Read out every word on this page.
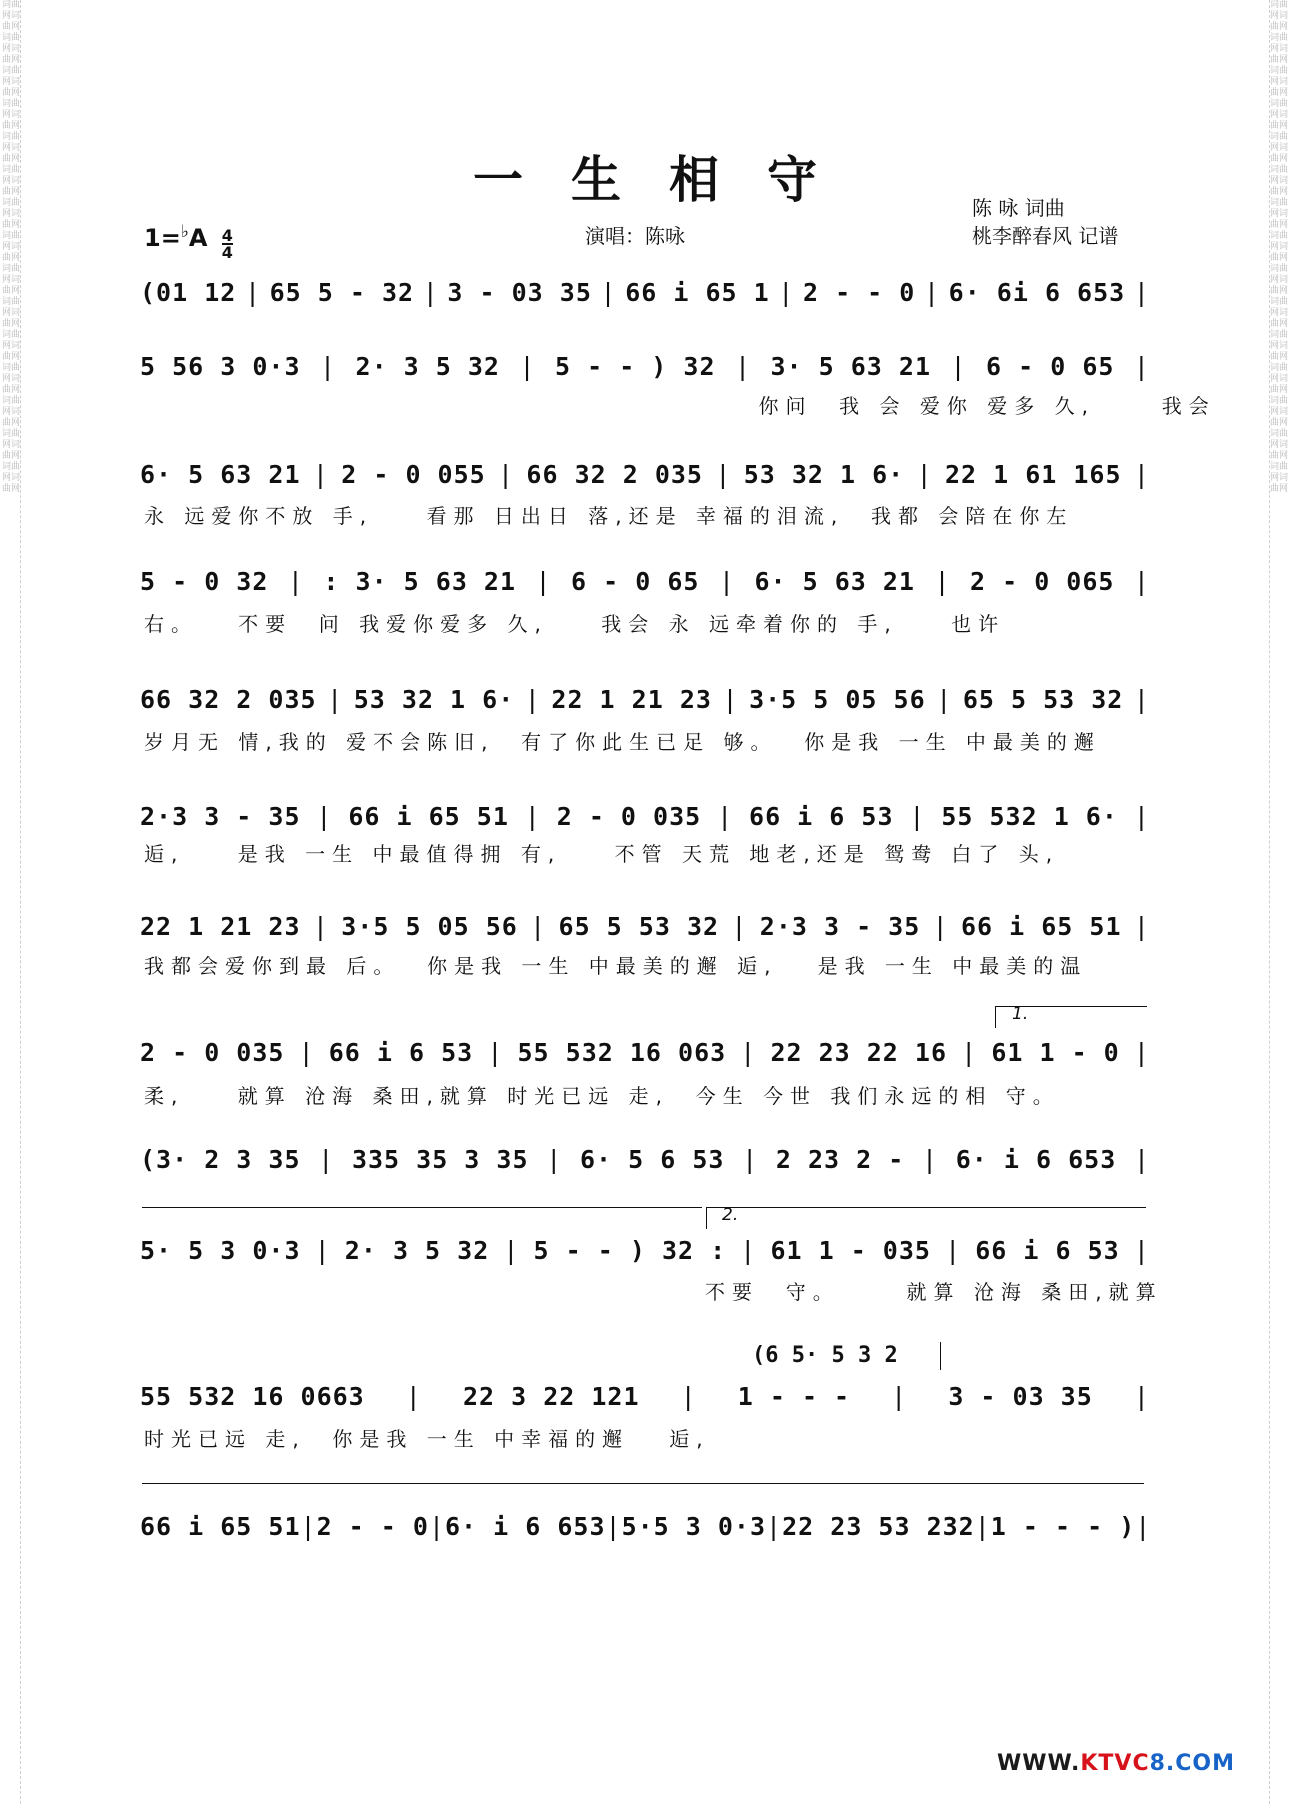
词曲网词曲网词曲网词曲网词曲网词曲网词曲网词曲网词曲网词曲网词曲网词曲网词曲网词曲网词曲网词曲网词曲网词曲网词曲网词曲网词曲网词曲网词曲网词曲网词曲网词曲网词曲网词曲网词曲网词曲网
词曲网词曲网词曲网词曲网词曲网词曲网词曲网词曲网词曲网词曲网词曲网词曲网词曲网词曲网词曲网词曲网词曲网词曲网词曲网词曲网词曲网词曲网词曲网词曲网词曲网词曲网词曲网词曲网词曲网词曲网
一生相守	陈 咏 词曲
桃李醉春风 记谱
演唱：陈咏
$1=^♭A \frac{4}{4}$
1.
2.
(6 5· 5 3 2
(01 12 | 65 5 - 32 | 3 - 03 35 | 66 i 65 1 | 2 - - 0 | 6· 6i 6 653 |
5 56 3 0·3 | 2· 3 5 32 | 5 - - ) 32 | 3· 5 63 21 | 6 - 0 65 |
你问  我 会 爱你 爱多 久,     我会
6· 5 63 21 | 2 - 0 055 | 66 32 2 035 | 53 32 1 6· | 22 1 61 165 |
永 远爱你不放 手,    看那 日出日 落,还是 幸福的泪流,  我都 会陪在你左
5 - 0 32 | : 3· 5 63 21 | 6 - 0 65 | 6· 5 63 21 | 2 - 0 065 |
右。   不要  问 我爱你爱多 久,    我会 永 远牵着你的 手,    也许
66 32 2 035 | 53 32 1 6· | 22 1 21 23 | 3·5 5 05 56 | 65 5 53 32 |
岁月无 情,我的 爱不会陈旧,  有了你此生已足 够。  你是我 一生 中最美的邂
2·3 3 - 35 | 66 i 65 51 | 2 - 0 035 | 66 i 6 53 | 55 532 1 6· |
逅,    是我 一生 中最值得拥 有,    不管 天荒 地老,还是 鸳鸯 白了 头,
22 1 21 23 | 3·5 5 05 56 | 65 5 53 32 | 2·3 3 - 35 | 66 i 65 51 |
我都会爱你到最 后。  你是我 一生 中最美的邂 逅,   是我 一生 中最美的温
2 - 0 035 | 66 i 6 53 | 55 532 16 063 | 22 23 22 16 | 61 1 - 0 |
柔,    就算 沧海 桑田,就算 时光已远 走,  今生 今世 我们永远的相 守。
(3· 2 3 35 | 335 35 3 35 | 6· 5 6 53 | 2 23 2 - | 6· i 6 653 |
5· 5 3 0·3 | 2· 3 5 32 | 5 - - ) 32 : | 61 1 - 035 | 66 i 6 53 |
不要  守。     就算 沧海 桑田,就算
55 532 16 0663 | 22 3 22 121 | 1 - - - | 3 - 03 35 |
时光已远 走,  你是我 一生 中幸福的邂   逅,
66 i 65 51 | 2 - - 0 | 6· i 6 653 | 5·5 3 0·3 | 22 23 53 232 | 1 - - - ) |
WWW.KTVC8.COM
